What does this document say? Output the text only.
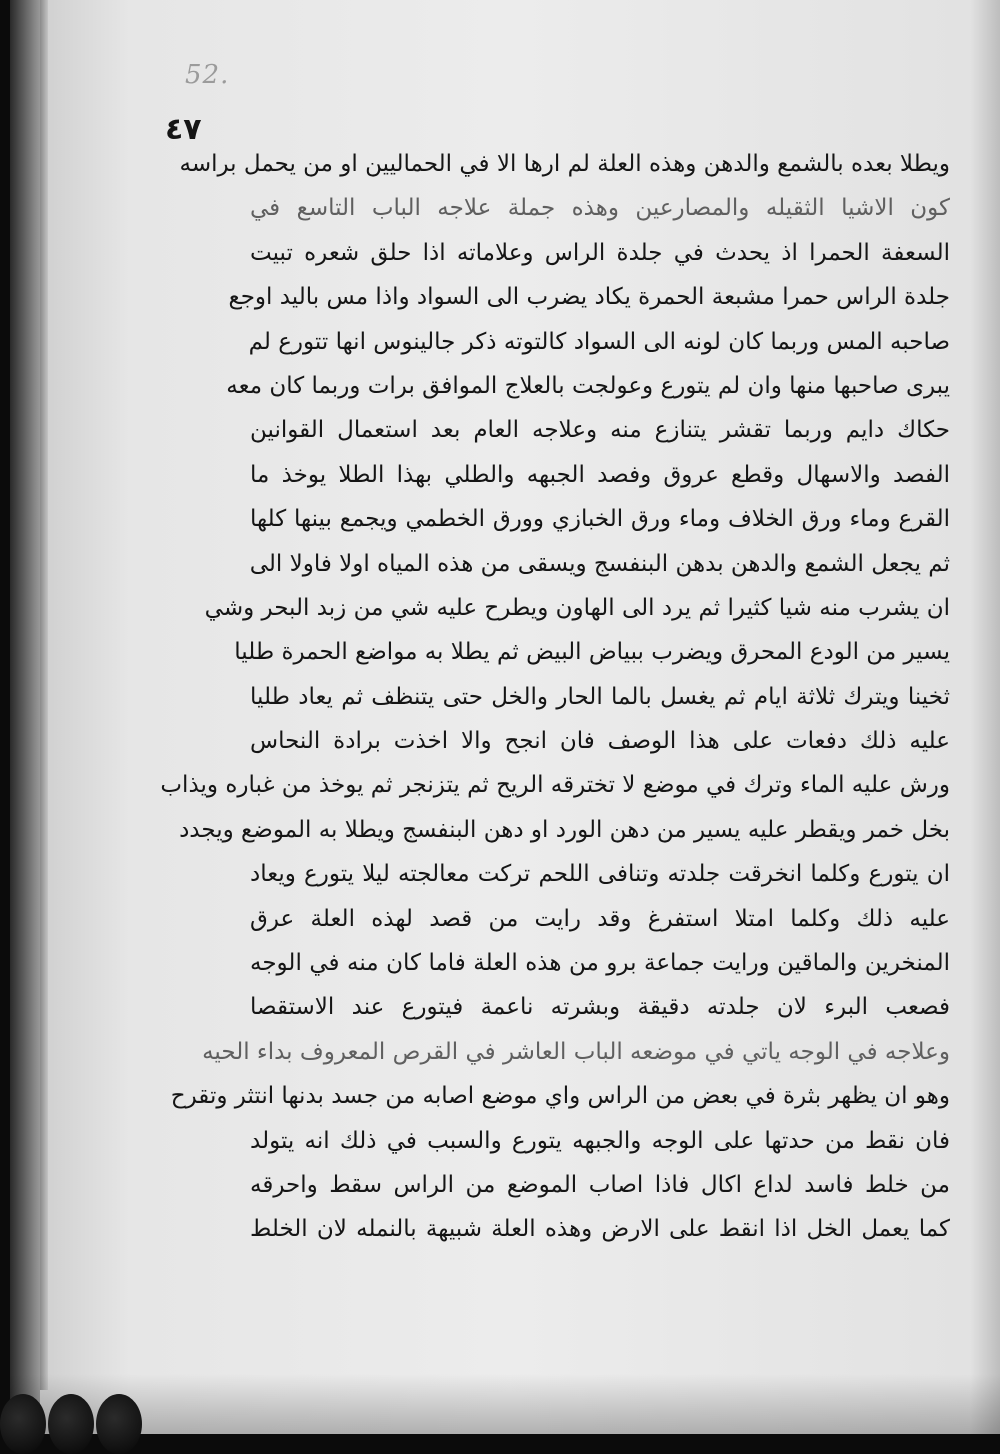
52.
٤٧
ويطلا بعده بالشمع والدهن وهذه العلة لم ارها الا في الحماليين او من يحمل براسه
كون الاشيا الثقيله والمصارعين وهذه جملة علاجه الباب التاسع في
السعفة الحمرا اذ يحدث في جلدة الراس وعلاماته اذا حلق شعره تبيت
جلدة الراس حمرا مشبعة الحمرة يكاد يضرب الى السواد واذا مس باليد اوجع
صاحبه المس وربما كان لونه الى السواد كالتوته ذكر جالينوس انها تتورع لم
يبرى صاحبها منها وان لم يتورع وعولجت بالعلاج الموافق برات وربما كان معه
حكاك دايم وربما تقشر يتنازع منه وعلاجه العام بعد استعمال القوانين
الفصد والاسهال وقطع عروق وفصد الجبهه والطلي بهذا الطلا يوخذ ما
القرع وماء ورق الخلاف وماء ورق الخبازي وورق الخطمي ويجمع بينها كلها
ثم يجعل الشمع والدهن بدهن البنفسج ويسقى من هذه المياه اولا فاولا الى
ان يشرب منه شيا كثيرا ثم يرد الى الهاون ويطرح عليه شي من زبد البحر وشي
يسير من الودع المحرق ويضرب ببياض البيض ثم يطلا به مواضع الحمرة طليا
ثخينا ويترك ثلاثة ايام ثم يغسل بالما الحار والخل حتى يتنظف ثم يعاد طليا
عليه ذلك دفعات على هذا الوصف فان انجح والا اخذت برادة النحاس
ورش عليه الماء وترك في موضع لا تخترقه الريح ثم يتزنجر ثم يوخذ من غباره ويذاب
بخل خمر ويقطر عليه يسير من دهن الورد او دهن البنفسج ويطلا به الموضع ويجدد
ان يتورع وكلما انخرقت جلدته وتنافى اللحم تركت معالجته ليلا يتورع ويعاد
عليه ذلك وكلما امتلا استفرغ وقد رايت من قصد لهذه العلة عرق
المنخرين والماقين ورايت جماعة برو من هذه العلة فاما كان منه في الوجه
فصعب البرء لان جلدته دقيقة وبشرته ناعمة فيتورع عند الاستقصا
وعلاجه في الوجه ياتي في موضعه الباب العاشر في القرص المعروف بداء الحيه
وهو ان يظهر بثرة في بعض من الراس واي موضع اصابه من جسد بدنها انتثر وتقرح
فان نقط من حدتها على الوجه والجبهه يتورع والسبب في ذلك انه يتولد
من خلط فاسد لداع اكال فاذا اصاب الموضع من الراس سقط واحرقه
كما يعمل الخل اذا انقط على الارض وهذه العلة شبيهة بالنمله لان الخلط
